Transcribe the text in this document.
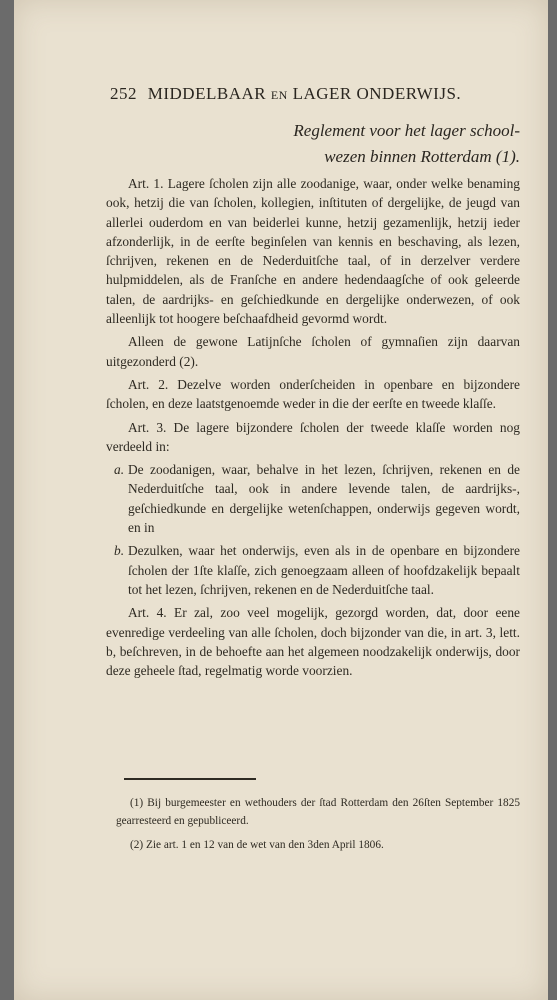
252 MIDDELBAAR EN LAGER ONDERWIJS.
Reglement voor het lager school-
wezen binnen Rotterdam (1).

Art. 1. Lagere ſcholen zijn alle zoodanige, waar, onder welke benaming ook, hetzij die van ſcholen, kollegien, inſtituten of dergelijke, de jeugd van allerlei ouderdom en van beiderlei kunne, hetzij gezamenlijk, hetzij ieder afzonderlijk, in de eerſte beginſelen van kennis en beschaving, als lezen, ſchrijven, rekenen en de Nederduitſche taal, of in derzelver verdere hulpmiddelen, als de Franſche en andere hedendaagſche of ook geleerde talen, de aardrijks- en geſchiedkunde en dergelijke onderwezen, of ook alleenlijk tot hoogere beſchaafdheid gevormd wordt.

Alleen de gewone Latijnſche ſcholen of gymnaſien zijn daarvan uitgezonderd (2).

Art. 2. Dezelve worden onderſcheiden in openbare en bijzondere ſcholen, en deze laatstgenoemde weder in die der eerſte en tweede klaſſe.

Art. 3. De lagere bijzondere ſcholen der tweede klaſſe worden nog verdeeld in:

a. De zoodanigen, waar, behalve in het lezen, ſchrijven, rekenen en de Nederduitſche taal, ook in andere levende talen, de aardrijks-, geſchiedkunde en dergelijke wetenſchappen, onderwijs gegeven wordt, en in

b. Dezulken, waar het onderwijs, even als in de openbare en bijzondere ſcholen der 1ſte klaſſe, zich genoegzaam alleen of hoofdzakelijk bepaalt tot het lezen, ſchrijven, rekenen en de Nederduitſche taal.

Art. 4. Er zal, zoo veel mogelijk, gezorgd worden, dat, door eene evenredige verdeeling van alle ſcholen, doch bijzonder van die, in art. 3, lett. b, beſchreven, in de behoefte aan het algemeen noodzakelijk onderwijs, door deze geheele ſtad, regelmatig worde voorzien.

(1) Bij burgemeester en wethouders der ſtad Rotterdam den 26ſten September 1825 gearresteerd en gepubliceerd.

(2) Zie art. 1 en 12 van de wet van den 3den April 1806.
